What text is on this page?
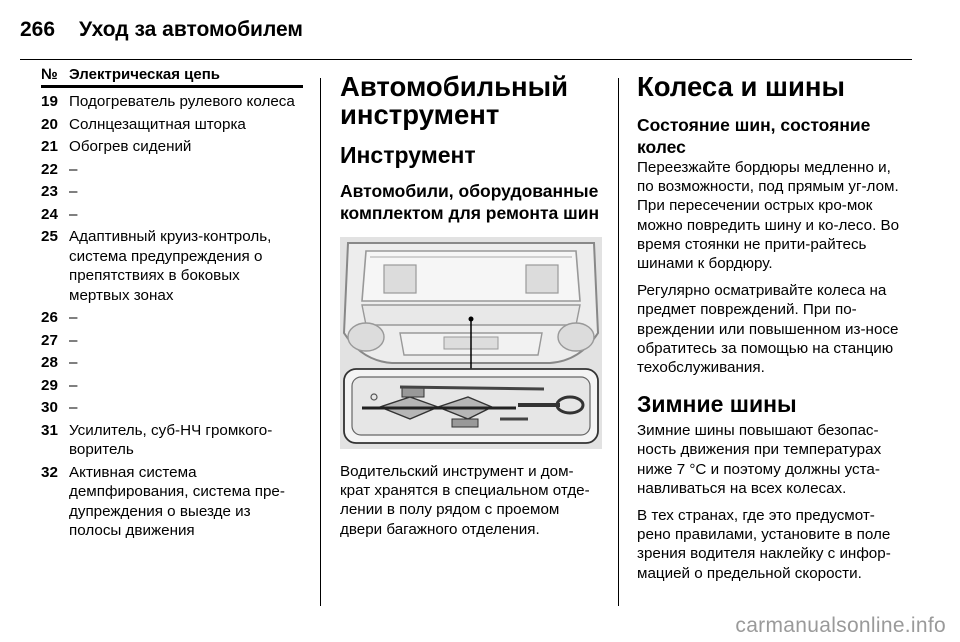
266 Уход за автомобилем
№ Электрическая цепь
19 Подогреватель рулевого колеса
20 Солнцезащитная шторка
21 Обогрев сидений
22 –
23 –
24 –
25 Адаптивный круиз-контроль, система предупреждения о препятствиях в боковых мертвых зонах
26 –
27 –
28 –
29 –
30 –
31 Усилитель, суб-НЧ громкого-воритель
32 Активная система демпфирования, система пре-дупреждения о выезде из полосы движения
Автомобильный инструмент
Инструмент
Автомобили, оборудованные комплектом для ремонта шин

Водительский инструмент и дом-крат хранятся в специальном отде-лении в полу рядом с проемом двери багажного отделения.

Колеса и шины
Состояние шин, состояние колес

Переезжайте бордюры медленно и, по возможности, под прямым уг-лом. При пересечении острых кро-мок можно повредить шину и ко-лесо. Во время стоянки не прити-райтесь шинами к бордюру.

Регулярно осматривайте колеса на предмет повреждений. При по-вреждении или повышенном из-носе обратитесь за помощью на станцию техобслуживания.

Зимние шины

Зимние шины повышают безопас-ность движения при температурах ниже 7 °C и поэтому должны уста-навливаться на всех колесах.

В тех странах, где это предусмот-рено правилами, установите в поле зрения водителя наклейку с инфор-мацией о предельной скорости.

carmanualsonline.info
